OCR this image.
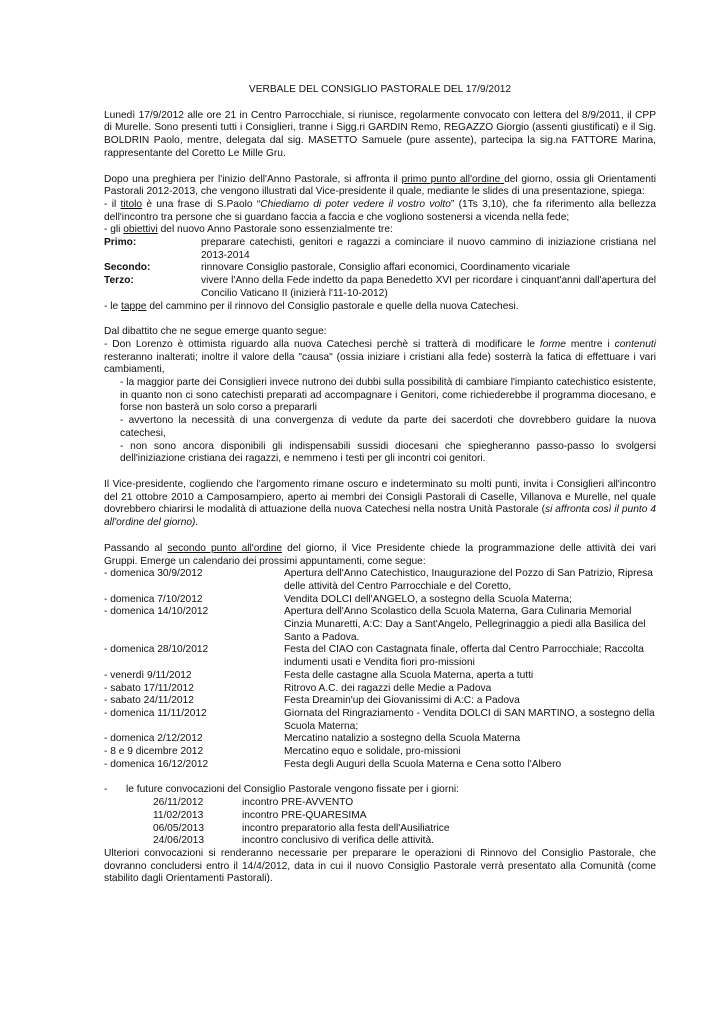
VERBALE DEL CONSIGLIO PASTORALE DEL 17/9/2012

Lunedì 17/9/2012 alle ore 21 in Centro Parrocchiale, si riunisce, regolarmente convocato con lettera del 8/9/2011, il CPP di Murelle. Sono presenti tutti i Consiglieri, tranne i Sigg.ri GARDIN Remo, REGAZZO Giorgio (assenti giustificati) e il Sig. BOLDRIN Paolo, mentre, delegata dal sig. MASETTO Samuele (pure assente), partecipa la sig.na FATTORE Marina, rappresentante del Coretto Le Mille Gru.

Dopo una preghiera per l'inizio dell'Anno Pastorale, si affronta il primo punto all'ordine del giorno, ossia gli Orientamenti Pastorali 2012-2013, che vengono illustrati dal Vice-presidente il quale, mediante le slides di una presentazione, spiega:

- il titolo è una frase di S.Paolo “Chiediamo di poter vedere il vostro volto” (1Ts 3,10), che fa riferimento alla bellezza dell'incontro tra persone che si guardano faccia a faccia e che vogliono sostenersi a vicenda nella fede;

- gli obiettivi del nuovo Anno Pastorale sono essenzialmente tre:

Primo:	preparare catechisti, genitori e ragazzi a cominciare il nuovo cammino di iniziazione cristiana nel 2013-2014
Secondo:	rinnovare Consiglio pastorale, Consiglio affari economici, Coordinamento vicariale
Terzo:	vivere l'Anno della Fede indetto da papa Benedetto XVI per ricordare i cinquant'anni dall'apertura del Concilio Vaticano II (inizierà l'11-10-2012)

- le tappe del cammino per il rinnovo del Consiglio pastorale e quelle della nuova Catechesi.

Dal dibattito che ne segue emerge quanto segue:

- Don Lorenzo è ottimista riguardo alla nuova Catechesi perchè si tratterà di modificare le forme mentre i contenuti resteranno inalterati; inoltre il valore della "causa" (ossia iniziare i cristiani alla fede) sosterrà la fatica di effettuare i vari cambiamenti,

- la maggior parte dei Consiglieri invece nutrono dei dubbi sulla possibilità di cambiare l'impianto catechistico esistente, in quanto non ci sono catechisti preparati ad accompagnare i Genitori, come richiederebbe il programma diocesano, e forse non basterà un solo corso a prepararli

- avvertono la necessità di una convergenza di vedute da parte dei sacerdoti che dovrebbero guidare la nuova catechesi,

- non sono ancora disponibili gli indispensabili sussidi diocesani che spiegheranno passo-passo lo svolgersi dell'iniziazione cristiana dei ragazzi, e nemmeno i testi per gli incontri coi genitori.

Il Vice-presidente, cogliendo che l'argomento rimane oscuro e indeterminato su molti punti, invita i Consiglieri all'incontro del 21 ottobre 2010 a Camposampiero, aperto ai membri dei Consigli Pastorali di Caselle, Villanova e Murelle, nel quale dovrebbero chiarirsi le modalità di attuazione della nuova Catechesi nella nostra Unità Pastorale (si affronta così il punto 4 all'ordine del giorno).

Passando al secondo punto all'ordine del giorno, il Vice Presidente chiede la programmazione delle attività dei vari Gruppi. Emerge un calendario dei prossimi appuntamenti, come segue:

- domenica 30/9/2012	Apertura dell'Anno Catechistico, Inaugurazione del Pozzo di San Patrizio, Ripresa delle attività del Centro Parrocchiale e del Coretto,
- domenica 7/10/2012	Vendita DOLCI dell'ANGELO, a sostegno della Scuola Materna;
- domenica 14/10/2012	Apertura dell'Anno Scolastico della Scuola Materna, Gara Culinaria Memorial Cinzia Munaretti, A:C: Day a Sant'Angelo, Pellegrinaggio a piedi alla Basilica del Santo a Padova.
- domenica 28/10/2012	Festa del CIAO con Castagnata finale, offerta dal Centro Parrocchiale; Raccolta indumenti usati e Vendita fiori pro-missioni
- venerdì 9/11/2012	Festa delle castagne alla Scuola Materna, aperta a tutti
- sabato 17/11/2012	Ritrovo A.C. dei ragazzi delle Medie a Padova
- sabato 24/11/2012	Festa Dreamin'up dei Giovanissimi di A:C: a Padova
- domenica 11/11/2012	Giornata del Ringraziamento - Vendita DOLCI di SAN MARTINO, a sostegno della Scuola Materna;
- domenica 2/12/2012	Mercatino natalizio a sostegno della Scuola Materna
- 8 e 9 dicembre 2012	Mercatino equo e solidale, pro-missioni
- domenica 16/12/2012	Festa degli Auguri della Scuola Materna e Cena sotto l'Albero
-	le future convocazioni del Consiglio Pastorale vengono fissate per i giorni:
26/11/2012	incontro PRE-AVVENTO
11/02/2013	incontro PRE-QUARESIMA
06/05/2013	incontro preparatorio alla festa dell'Ausiliatrice
24/06/2013	incontro conclusivo di verifica delle attività.

Ulteriori convocazioni si renderanno necessarie per preparare le operazioni di Rinnovo del Consiglio Pastorale, che dovranno concludersi entro il 14/4/2012, data in cui il nuovo Consiglio Pastorale verrà presentato alla Comunità (come stabilito dagli Orientamenti Pastorali).
